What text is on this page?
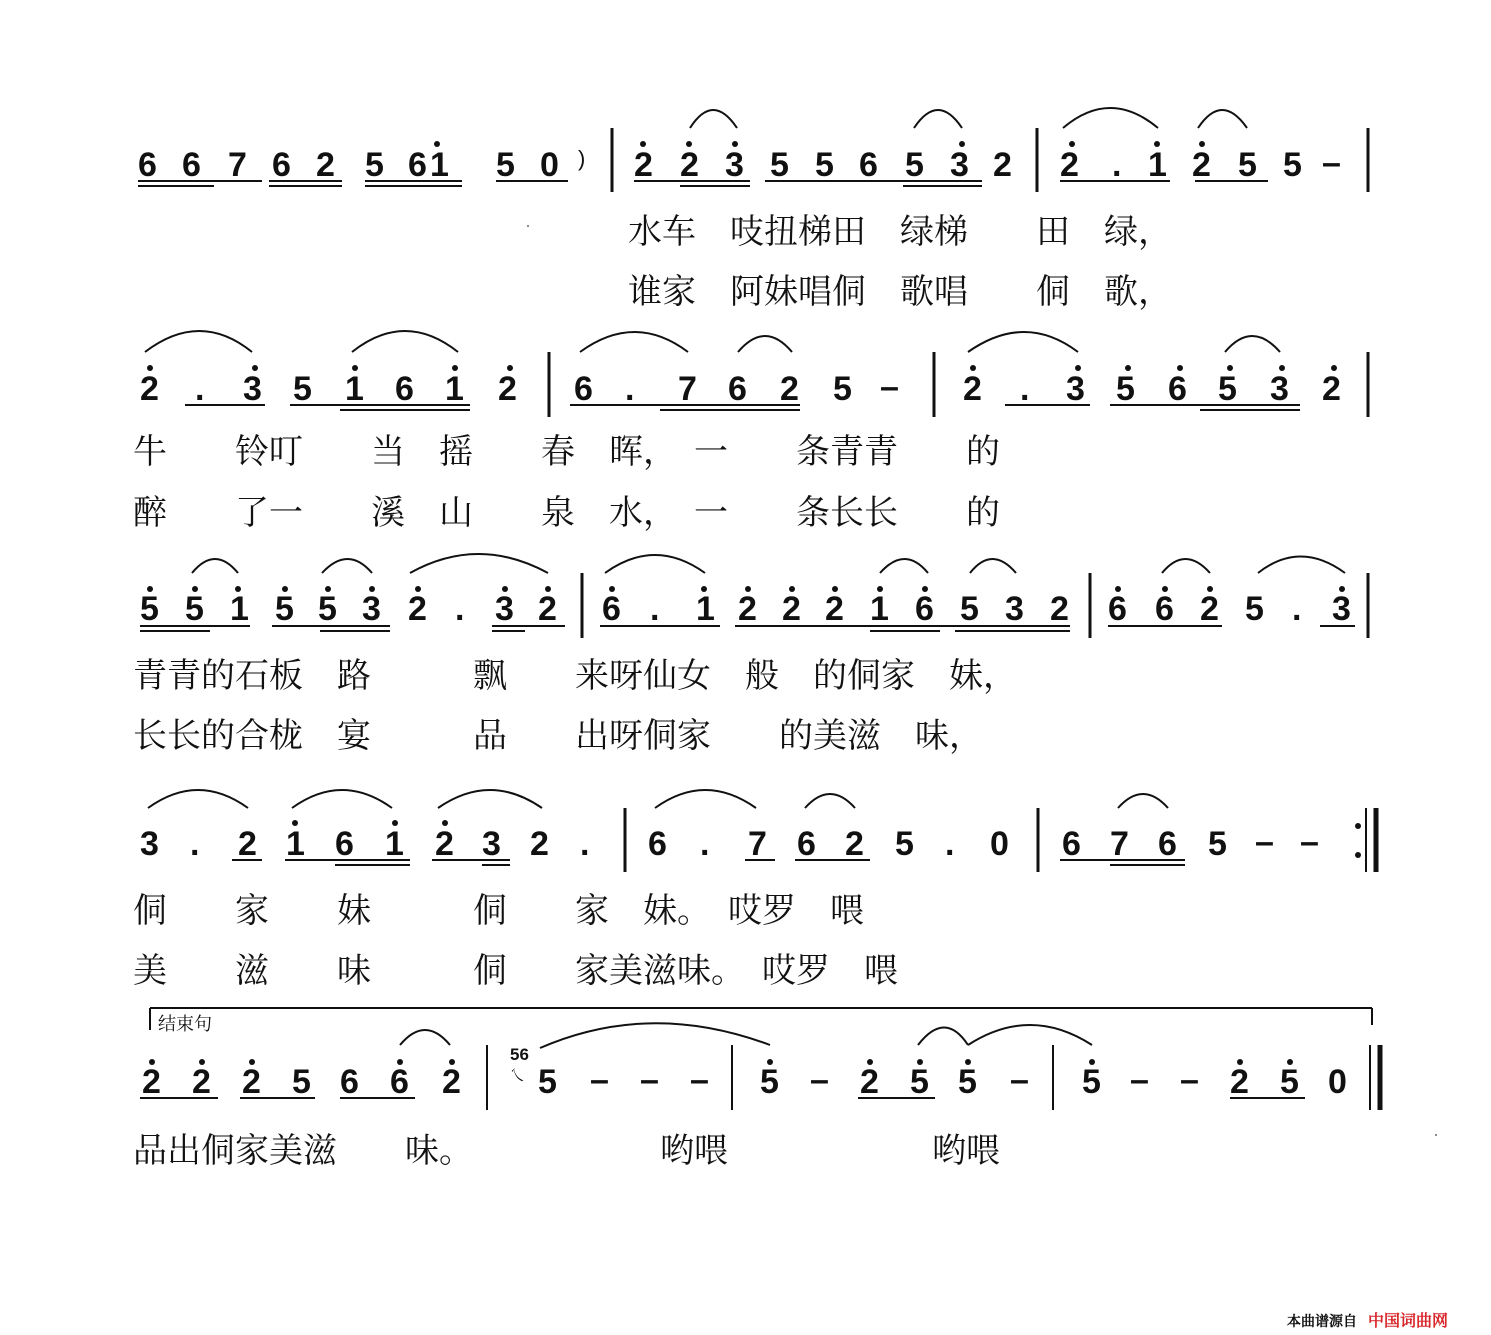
6 6 7 6 2 5 6 1 5 0 ) 2 2 3 5 5 6 5 3 2 2 . 1 2 5 5 –
水车　吱扭梯田　绿梯　　田　绿，
谁家　阿妹唱侗　歌唱　　侗　歌，
2 . 3 5 1 6 1 2 6 . 7 6 2 5 – 2 . 3 5 6 5 3 2
牛　　铃叮　　当　摇　　春　晖，　一　　条青青　　的
醉　　了一　　溪　山　　泉　水，　一　　条长长　　的
5 5 1 5 5 3 2 . 3 2 6 . 1 2 2 2 1 6 5 3 2 6 6 2 5 . 3
青青的石板　路　　　飘　　来呀仙女　般　的侗家　妹，
长长的合栊　宴　　　品　　出呀侗家　　的美滋　味，
3 . 2 1 6 1 2 3 2 . 6 . 7 6 2 5 . 0 6 7 6 5 – –
侗　　家　　妹　　　侗　　家　妹。　哎罗　喂
美　　滋　　味　　　侗　　家美滋味。　哎罗　喂
结束句
56
乀
2 2 2 5 6 6 2 5 – – – 5 – 2 5 5 – 5 – – 2 5 0
品出侗家美滋　　味。　　　　　　哟喂　　　　　　哟喂
本曲谱源自 中国词曲网
